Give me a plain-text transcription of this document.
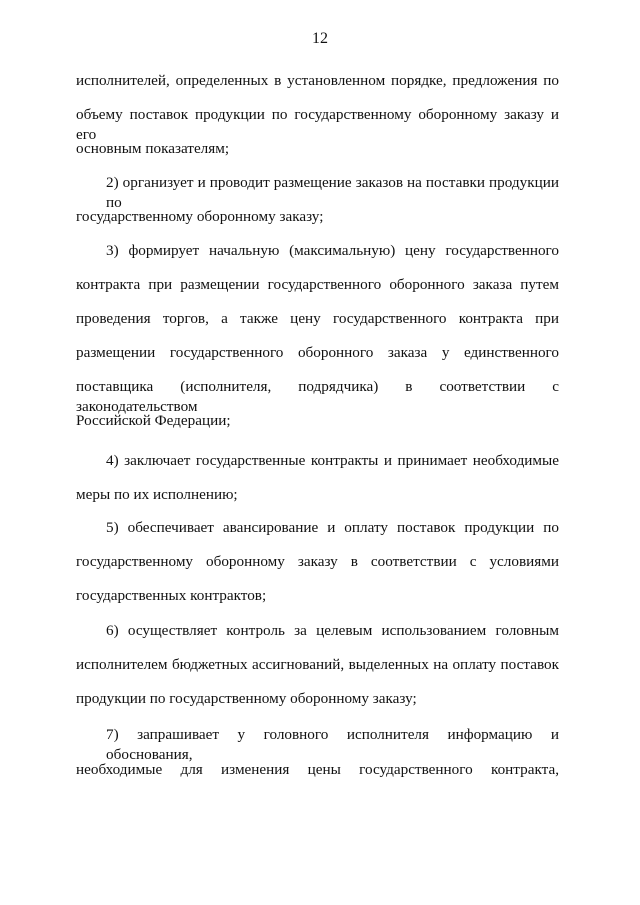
12
исполнителей, определенных в установленном порядке, предложения по
объему поставок продукции по государственному оборонному заказу и его
основным показателям;
2) организует и проводит размещение заказов на поставки продукции по
государственному оборонному заказу;
3) формирует начальную (максимальную) цену государственного
контракта при размещении государственного оборонного заказа путем
проведения торгов, а также цену государственного контракта при
размещении государственного оборонного заказа у единственного
поставщика (исполнителя, подрядчика) в соответствии с законодательством
Российской Федерации;
4) заключает государственные контракты и принимает необходимые
меры по их исполнению;
5) обеспечивает авансирование и оплату поставок продукции по
государственному оборонному заказу в соответствии с условиями
государственных контрактов;
6) осуществляет контроль за целевым использованием головным
исполнителем бюджетных ассигнований, выделенных на оплату поставок
продукции по государственному оборонному заказу;
7) запрашивает у головного исполнителя информацию и обоснования,
необходимые для изменения цены государственного контракта,
